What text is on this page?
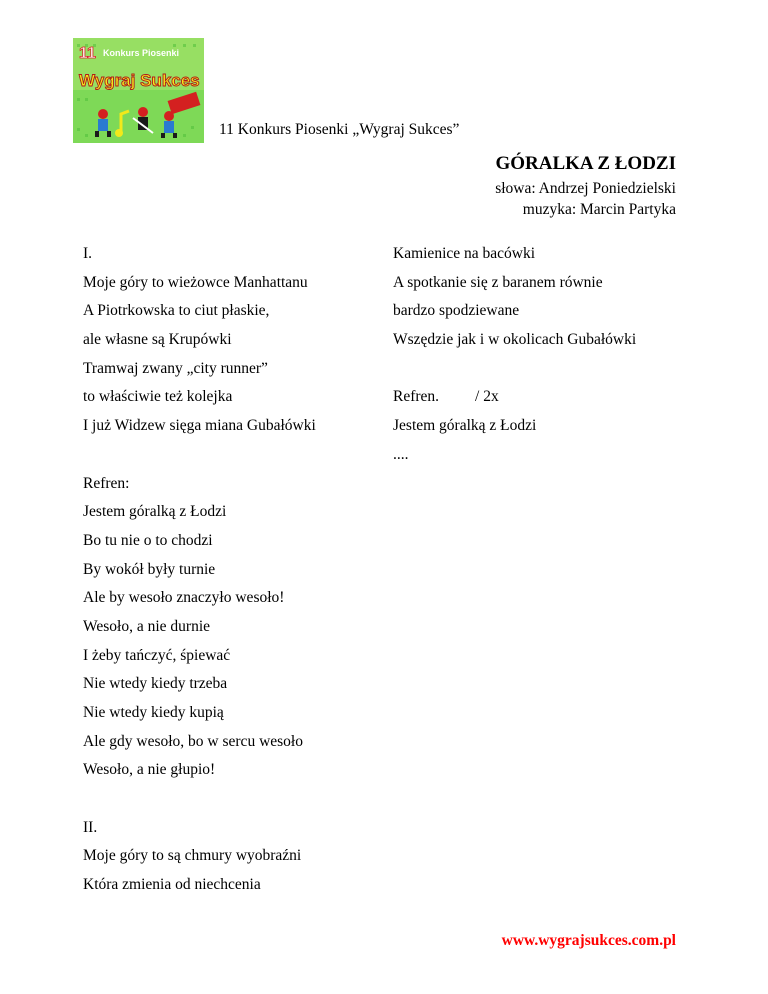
11 Konkurs Piosenki
Wygraj Sukces
11 Konkurs Piosenki „Wygraj Sukces”
GÓRALKA Z ŁODZI
słowa: Andrzej Poniedzielski
muzyka: Marcin Partyka
I.
Moje góry to wieżowce Manhattanu
A Piotrkowska to ciut płaskie,
ale własne są Krupówki
Tramwaj zwany „city runner”
to właściwie też kolejka
I już Widzew sięga miana Gubałówki
Refren:
Jestem góralką z Łodzi
Bo tu nie o to chodzi
By wokół były turnie
Ale by wesoło znaczyło wesoło!
Wesoło, a nie durnie
I żeby tańczyć, śpiewać
Nie wtedy kiedy trzeba
Nie wtedy kiedy kupią
Ale gdy wesoło, bo w sercu wesoło
Wesoło, a nie głupio!
II.
Moje góry to są chmury wyobraźni
Która zmienia od niechcenia
Kamienice na bacówki
A spotkanie się z baranem równie
bardzo spodziewane
Wszędzie jak i w okolicach Gubałówki
Refren. / 2x
Jestem góralką z Łodzi
....
www.wygrajsukces.com.pl
